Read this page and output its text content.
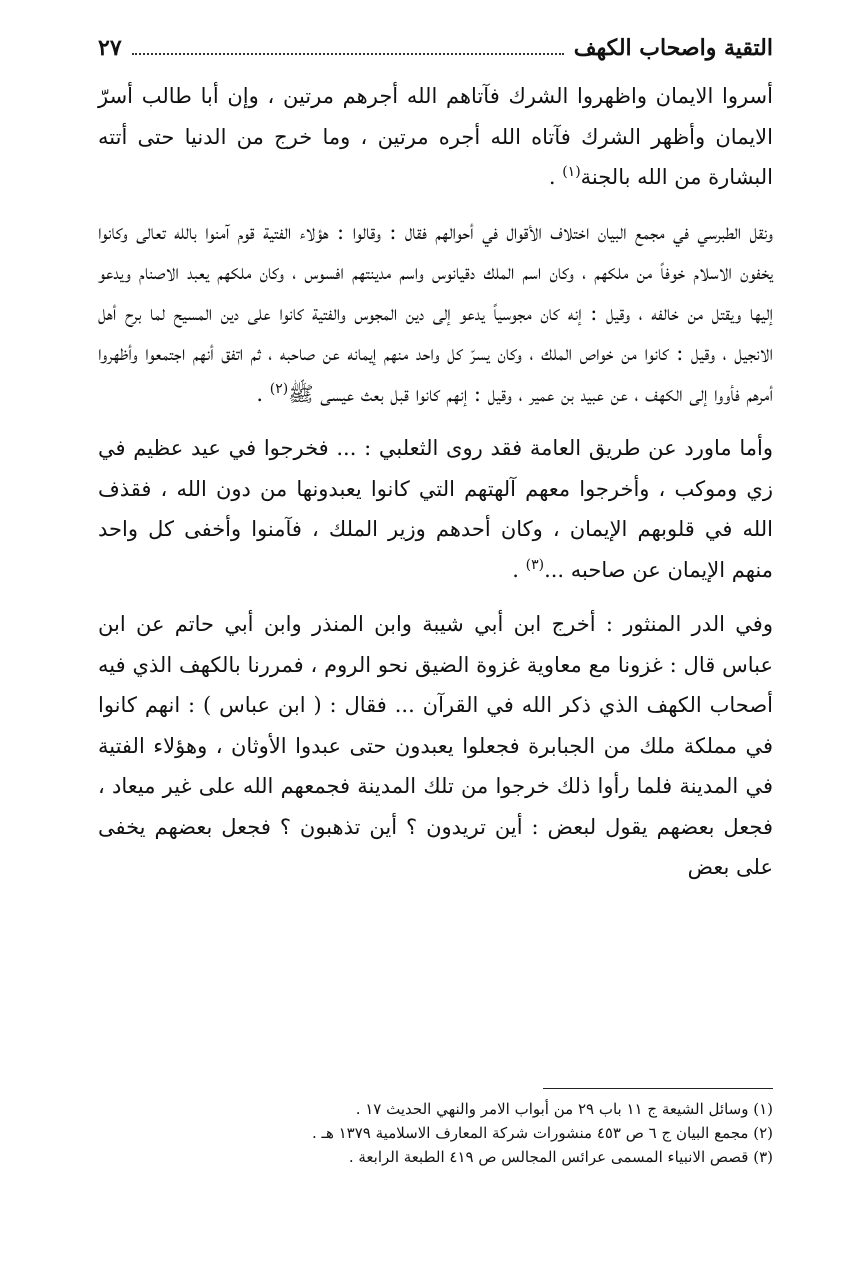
التقية واصحاب الكهف
٢٧

أسروا الايمان واظهروا الشرك فآتاهم الله أجرهم مرتين ، وإن أبا طالب أسرّ الايمان وأظهر الشرك فآتاه الله أجره مرتين ، وما خرج من الدنيا حتى أتته البشارة من الله بالجنة$^{(١)}$ .

ونقل الطبرسي في مجمع البيان اختلاف الأقوال في أحوالهم فقال : وقالوا : هؤلاء الفتية قوم آمنوا بالله تعالى وكانوا يخفون الاسلام خوفاً من ملكهم ، وكان اسم الملك دقيانوس واسم مدينتهم افسوس ، وكان ملكهم يعبد الاصنام ويدعو إليها ويقتل من خالفه ، وقيل : إنه كان مجوسياً يدعو إلى دين المجوس والفتية كانوا على دين المسيح لما برح أهل الانجيل ، وقيل : كانوا من خواص الملك ، وكان يسرّ كل واحد منهم إيمانه عن صاحبه ، ثم اتفق أنهم اجتمعوا وأظهروا أمرهم فأووا إلى الكهف ، عن عبيد بن عمير ، وقيل : إنهم كانوا قبل بعث عيسى ﷺ$^{(٢)}$ .

وأما ماورد عن طريق العامة فقد روى الثعلبي : ... فخرجوا في عيد عظيم في زي وموكب ، وأخرجوا معهم آلهتهم التي كانوا يعبدونها من دون الله ، فقذف الله في قلوبهم الإيمان ، وكان أحدهم وزير الملك ، فآمنوا وأخفى كل واحد منهم الإيمان عن صاحبه ...$^{(٣)}$ .

وفي الدر المنثور : أخرج ابن أبي شيبة وابن المنذر وابن أبي حاتم عن ابن عباس قال : غزونا مع معاوية غزوة الضيق نحو الروم ، فمررنا بالكهف الذي فيه أصحاب الكهف الذي ذكر الله في القرآن ... فقال : ( ابن عباس ) : انهم كانوا في مملكة ملك من الجبابرة فجعلوا يعبدون حتى عبدوا الأوثان ، وهؤلاء الفتية في المدينة فلما رأوا ذلك خرجوا من تلك المدينة فجمعهم الله على غير ميعاد ، فجعل بعضهم يقول لبعض : أين تريدون ؟ أين تذهبون ؟ فجعل بعضهم يخفى على بعض

(١) وسائل الشيعة ج ١١ باب ٢٩ من أبواب الامر والنهي الحديث ١٧ .
(٢) مجمع البيان ج ٦ ص ٤٥٣ منشورات شركة المعارف الاسلامية ١٣٧٩ هـ .
(٣) قصص الانبياء المسمى عرائس المجالس ص ٤١٩ الطبعة الرابعة .
